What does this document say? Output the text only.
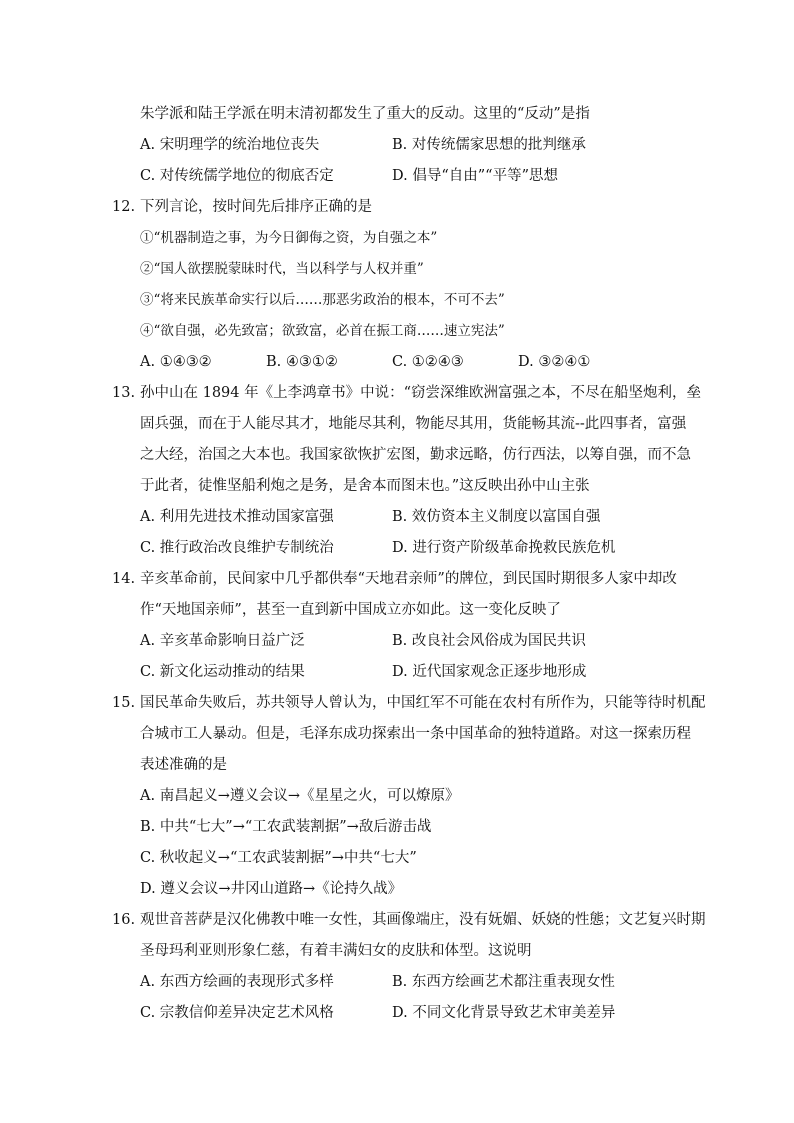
朱学派和陆王学派在明末清初都发生了重大的反动。这里的“反动”是指
A. 宋明理学的统治地位丧失	B. 对传统儒家思想的批判继承
C. 对传统儒学地位的彻底否定	D. 倡导“自由”“平等”思想
12. 下列言论，按时间先后排序正确的是
①“机器制造之事，为今日御侮之资，为自强之本”
②“国人欲摆脱蒙昧时代，当以科学与人权并重”
③“将来民族革命实行以后……那恶劣政治的根本，不可不去”
④“欲自强，必先致富；欲致富，必首在振工商……速立宪法”
A. ①④③②	B. ④③①②	C. ①②④③	D. ③②④①
13. 孙中山在 1894 年《上李鸿章书》中说：“窃尝深维欧洲富强之本，不尽在船坚炮利，垒
固兵强，而在于人能尽其才，地能尽其利，物能尽其用，货能畅其流--此四事者，富强
之大经，治国之大本也。我国家欲恢扩宏图，勤求远略，仿行西法，以筹自强，而不急
于此者，徒惟坚船利炮之是务，是舍本而图末也。”这反映出孙中山主张
A. 利用先进技术推动国家富强	B. 效仿资本主义制度以富国自强
C. 推行政治改良维护专制统治	D. 进行资产阶级革命挽救民族危机
14. 辛亥革命前，民间家中几乎都供奉“天地君亲师”的牌位，到民国时期很多人家中却改
作“天地国亲师”，甚至一直到新中国成立亦如此。这一变化反映了
A. 辛亥革命影响日益广泛	B. 改良社会风俗成为国民共识
C. 新文化运动推动的结果	D. 近代国家观念正逐步地形成
15. 国民革命失败后，苏共领导人曾认为，中国红军不可能在农村有所作为，只能等待时机配
合城市工人暴动。但是，毛泽东成功探索出一条中国革命的独特道路。对这一探索历程
表述准确的是
A. 南昌起义→遵义会议→《星星之火，可以燎原》
B. 中共“七大”→“工农武装割据”→敌后游击战
C. 秋收起义→“工农武装割据”→中共“七大”
D. 遵义会议→井冈山道路→《论持久战》
16. 观世音菩萨是汉化佛教中唯一女性，其画像端庄，没有妩媚、妖娆的性態；文艺复兴时期
圣母玛利亚则形象仁慈，有着丰满妇女的皮肤和体型。这说明
A. 东西方绘画的表现形式多样	B. 东西方绘画艺术都注重表现女性
C. 宗教信仰差异决定艺术风格	D. 不同文化背景导致艺术审美差异
